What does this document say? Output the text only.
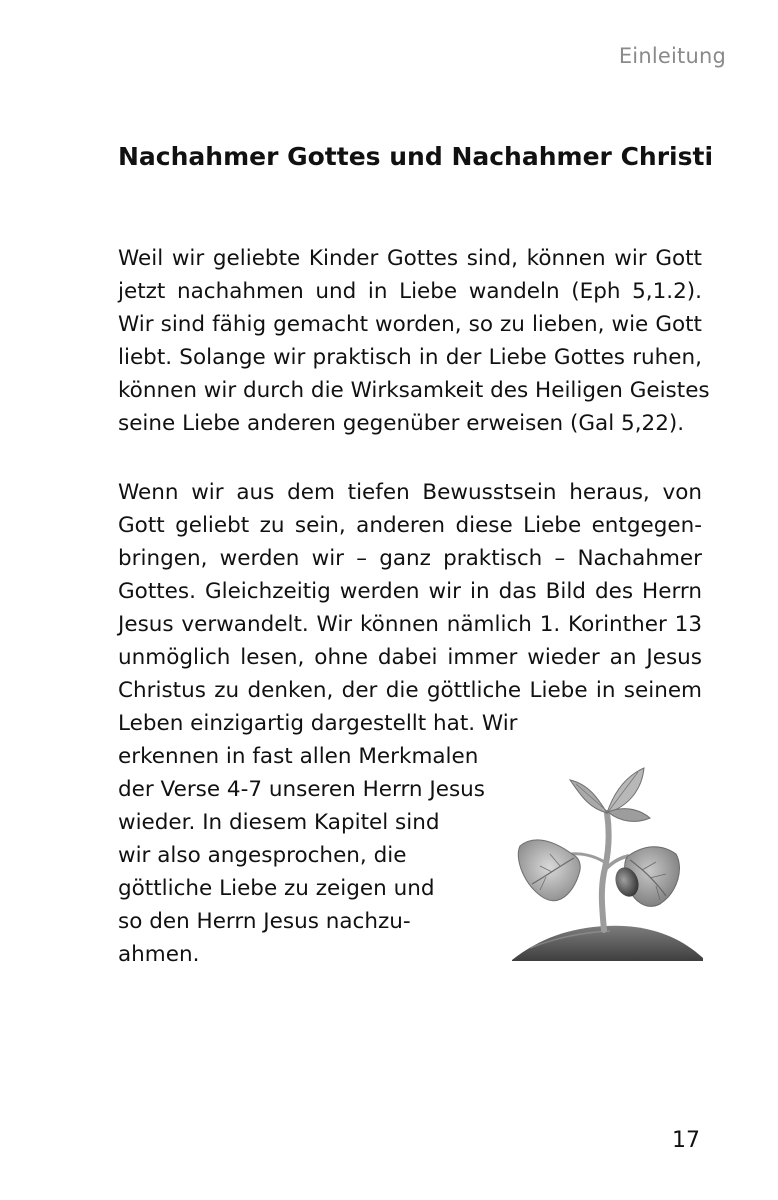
Einleitung
Nachahmer Gottes und Nachahmer Christi
Weil wir geliebte Kinder Gottes sind, können wir Gott
jetzt nachahmen und in Liebe wandeln (Eph 5,1.2).
Wir sind fähig gemacht worden, so zu lieben, wie Gott
liebt. Solange wir praktisch in der Liebe Gottes ruhen,
können wir durch die Wirksamkeit des Heiligen Geistes
seine Liebe anderen gegenüber erweisen (Gal 5,22).
Wenn wir aus dem tiefen Bewusstsein heraus, von
Gott geliebt zu sein, anderen diese Liebe entgegen-
bringen, werden wir – ganz praktisch – Nachahmer
Gottes. Gleichzeitig werden wir in das Bild des Herrn
Jesus verwandelt. Wir können nämlich 1. Korinther 13
unmöglich lesen, ohne dabei immer wieder an Jesus
Christus zu denken, der die göttliche Liebe in seinem
Leben einzigartig dargestellt hat. Wir
erkennen in fast allen Merkmalen
der Verse 4-7 unseren Herrn Jesus
wieder. In diesem Kapitel sind
wir also angesprochen, die
göttliche Liebe zu zeigen und
so den Herrn Jesus nachzu-
ahmen.
17
